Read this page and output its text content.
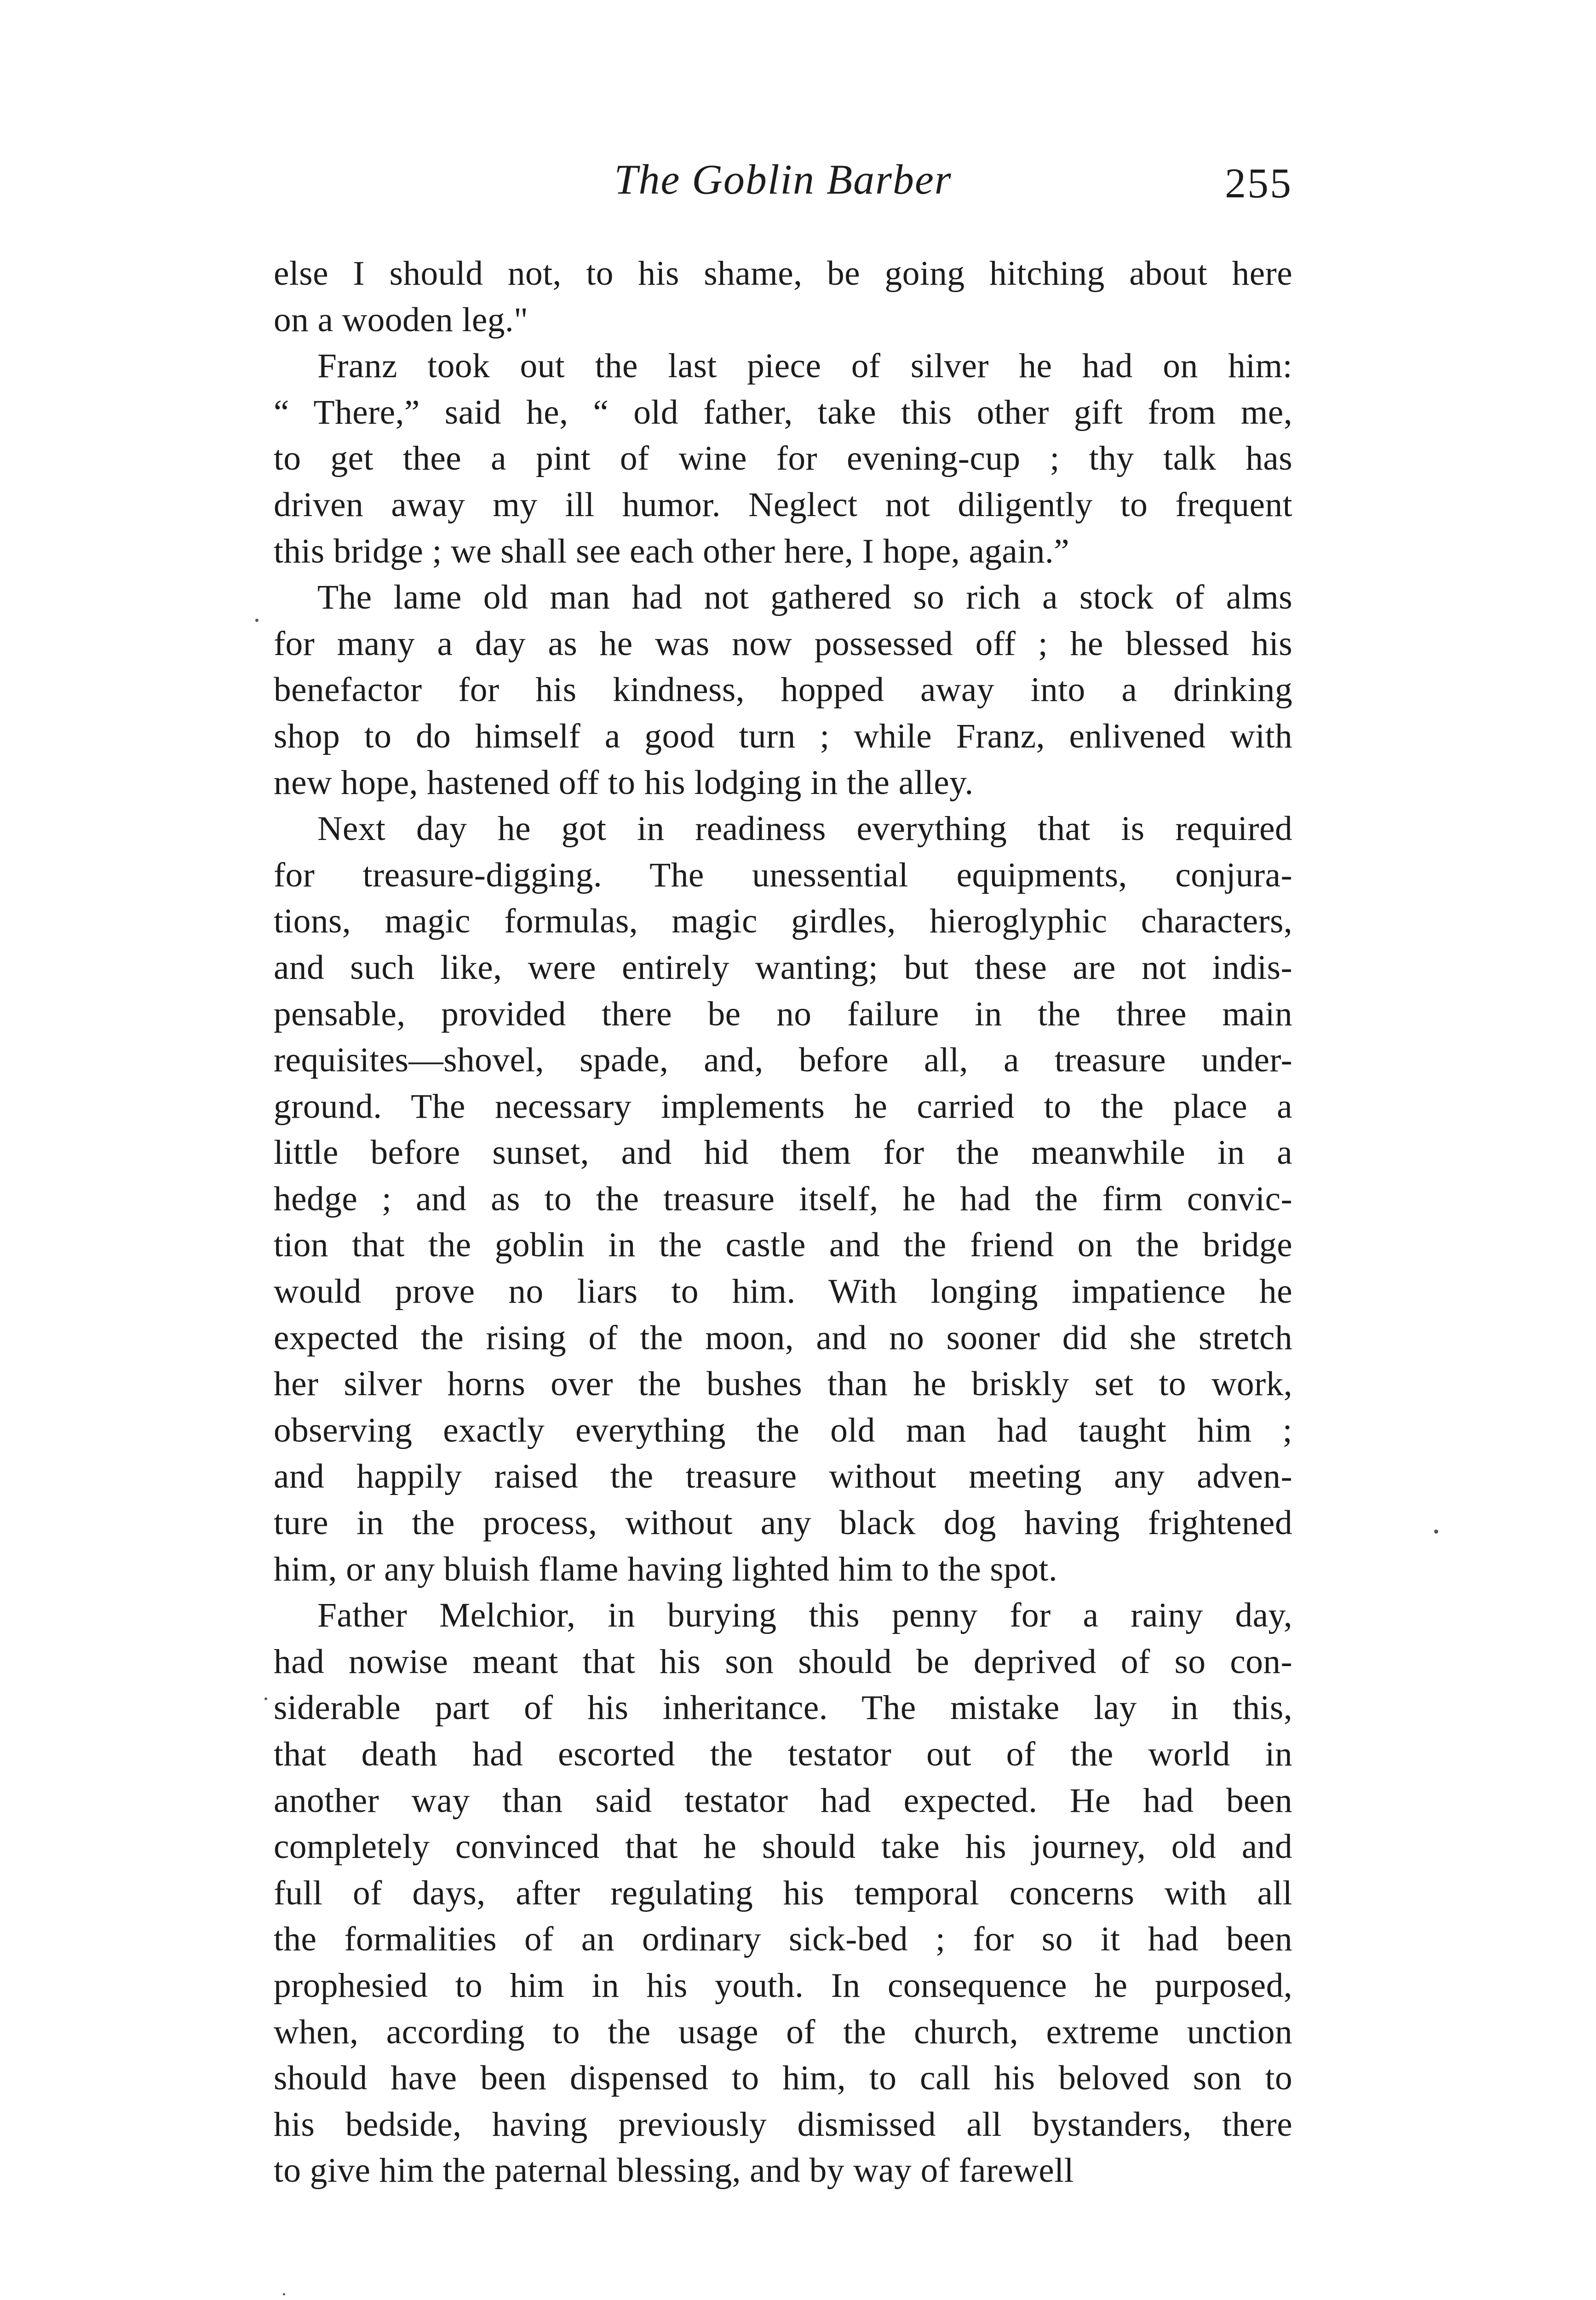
The Goblin Barber	255
else I should not, to his shame, be going hitching about here
on a wooden leg."
Franz took out the last piece of silver he had on him:
“ There,” said he, “ old father, take this other gift from me,
to get thee a pint of wine for evening-cup ; thy talk has
driven away my ill humor. Neglect not diligently to frequent
this bridge ; we shall see each other here, I hope, again.”
The lame old man had not gathered so rich a stock of alms
for many a day as he was now possessed off ; he blessed his
benefactor for his kindness, hopped away into a drinking
shop to do himself a good turn ; while Franz, enlivened with
new hope, hastened off to his lodging in the alley.
Next day he got in readiness everything that is required
for treasure-digging. The unessential equipments, conjura-
tions, magic formulas, magic girdles, hieroglyphic characters,
and such like, were entirely wanting; but these are not indis-
pensable, provided there be no failure in the three main
requisites—shovel, spade, and, before all, a treasure under-
ground. The necessary implements he carried to the place a
little before sunset, and hid them for the meanwhile in a
hedge ; and as to the treasure itself, he had the firm convic-
tion that the goblin in the castle and the friend on the bridge
would prove no liars to him. With longing impatience he
expected the rising of the moon, and no sooner did she stretch
her silver horns over the bushes than he briskly set to work,
observing exactly everything the old man had taught him ;
and happily raised the treasure without meeting any adven-
ture in the process, without any black dog having frightened
him, or any bluish flame having lighted him to the spot.
Father Melchior, in burying this penny for a rainy day,
had nowise meant that his son should be deprived of so con-
siderable part of his inheritance. The mistake lay in this,
that death had escorted the testator out of the world in
another way than said testator had expected. He had been
completely convinced that he should take his journey, old and
full of days, after regulating his temporal concerns with all
the formalities of an ordinary sick-bed ; for so it had been
prophesied to him in his youth. In consequence he purposed,
when, according to the usage of the church, extreme unction
should have been dispensed to him, to call his beloved son to
his bedside, having previously dismissed all bystanders, there
to give him the paternal blessing, and by way of farewell
